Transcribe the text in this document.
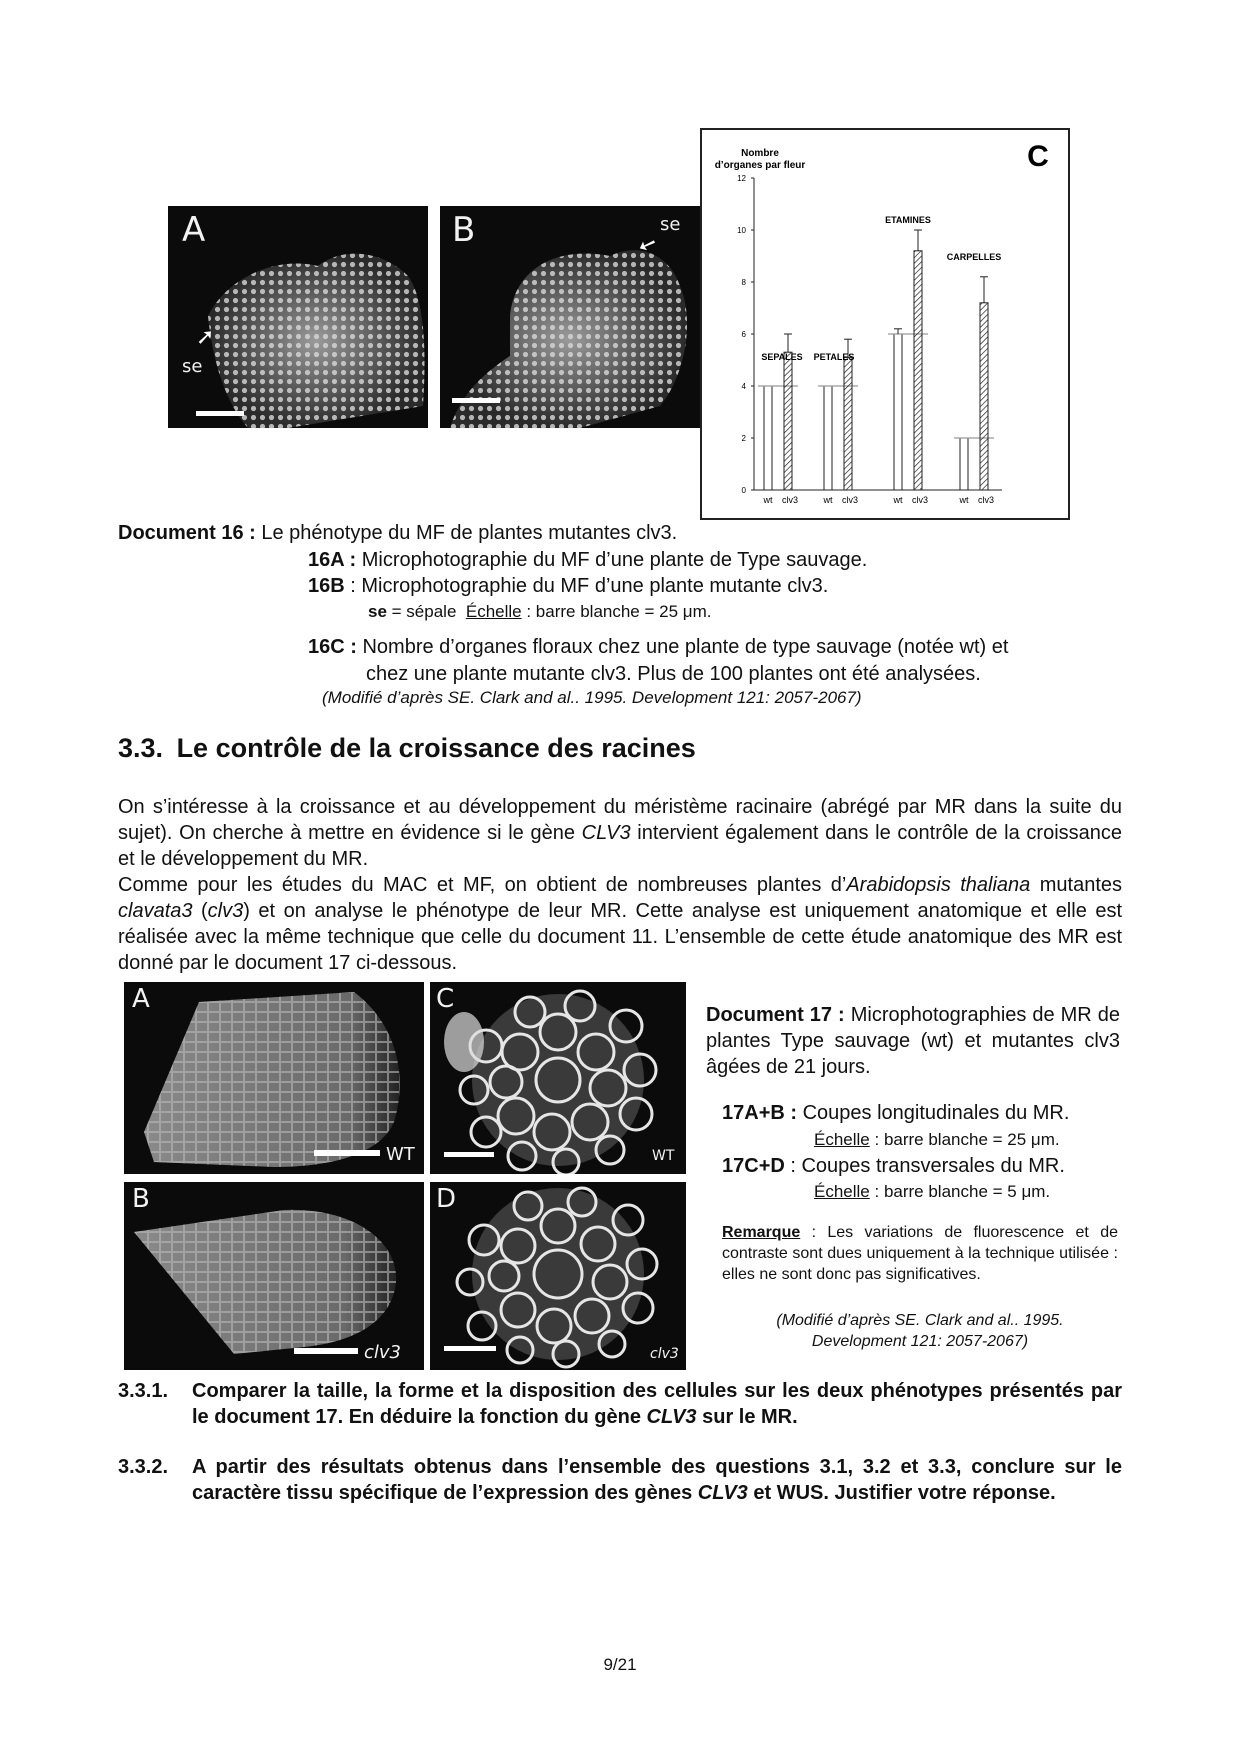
A
se
➚
B	se
➚
Nombre
d’organes par fleur	C
0
2
4
6
8
10
12
SEPALES
wt clv3
PETALES
wt clv3
ETAMINES
wt clv3
CARPELLES
wt clv3
Document 16 : Le phénotype du MF de plantes mutantes clv3.
16A : Microphotographie du MF d’une plante de Type sauvage.
16B : Microphotographie du MF d’une plante mutante clv3.
se = sépale Échelle : barre blanche = 25 μm.
16C : Nombre d’organes floraux chez une plante de type sauvage (notée wt) et
chez une plante mutante clv3. Plus de 100 plantes ont été analysées.
(Modifié d’après SE. Clark and al.. 1995. Development 121: 2057-2067)
3.3. Le contrôle de la croissance des racines
On s’intéresse à la croissance et au développement du méristème racinaire (abrégé par MR dans la suite du sujet). On cherche à mettre en évidence si le gène CLV3 intervient également dans le contrôle de la croissance et le développement du MR.
Comme pour les études du MAC et MF, on obtient de nombreuses plantes d’Arabidopsis thaliana mutantes clavata3 (clv3) et on analyse le phénotype de leur MR. Cette analyse est uniquement anatomique et elle est réalisée avec la même technique que celle du document 11. L’ensemble de cette étude anatomique des MR est donné par le document 17 ci-dessous.
A
WT
C
WT
B
clv3
D
clv3
Document 17 : Microphotographies de MR de plantes Type sauvage (wt) et mutantes clv3 âgées de 21 jours.
17A+B : Coupes longitudinales du MR.
Échelle : barre blanche = 25 μm.
17C+D : Coupes transversales du MR.
Échelle : barre blanche = 5 μm.
Remarque : Les variations de fluorescence et de contraste sont dues uniquement à la technique utilisée : elles ne sont donc pas significatives.
(Modifié d’après SE. Clark and al.. 1995.
Development 121: 2057-2067)
3.3.1. Comparer la taille, la forme et la disposition des cellules sur les deux phénotypes présentés par le document 17. En déduire la fonction du gène CLV3 sur le MR.
3.3.2. A partir des résultats obtenus dans l’ensemble des questions 3.1, 3.2 et 3.3, conclure sur le caractère tissu spécifique de l’expression des gènes CLV3 et WUS. Justifier votre réponse.
9/21
